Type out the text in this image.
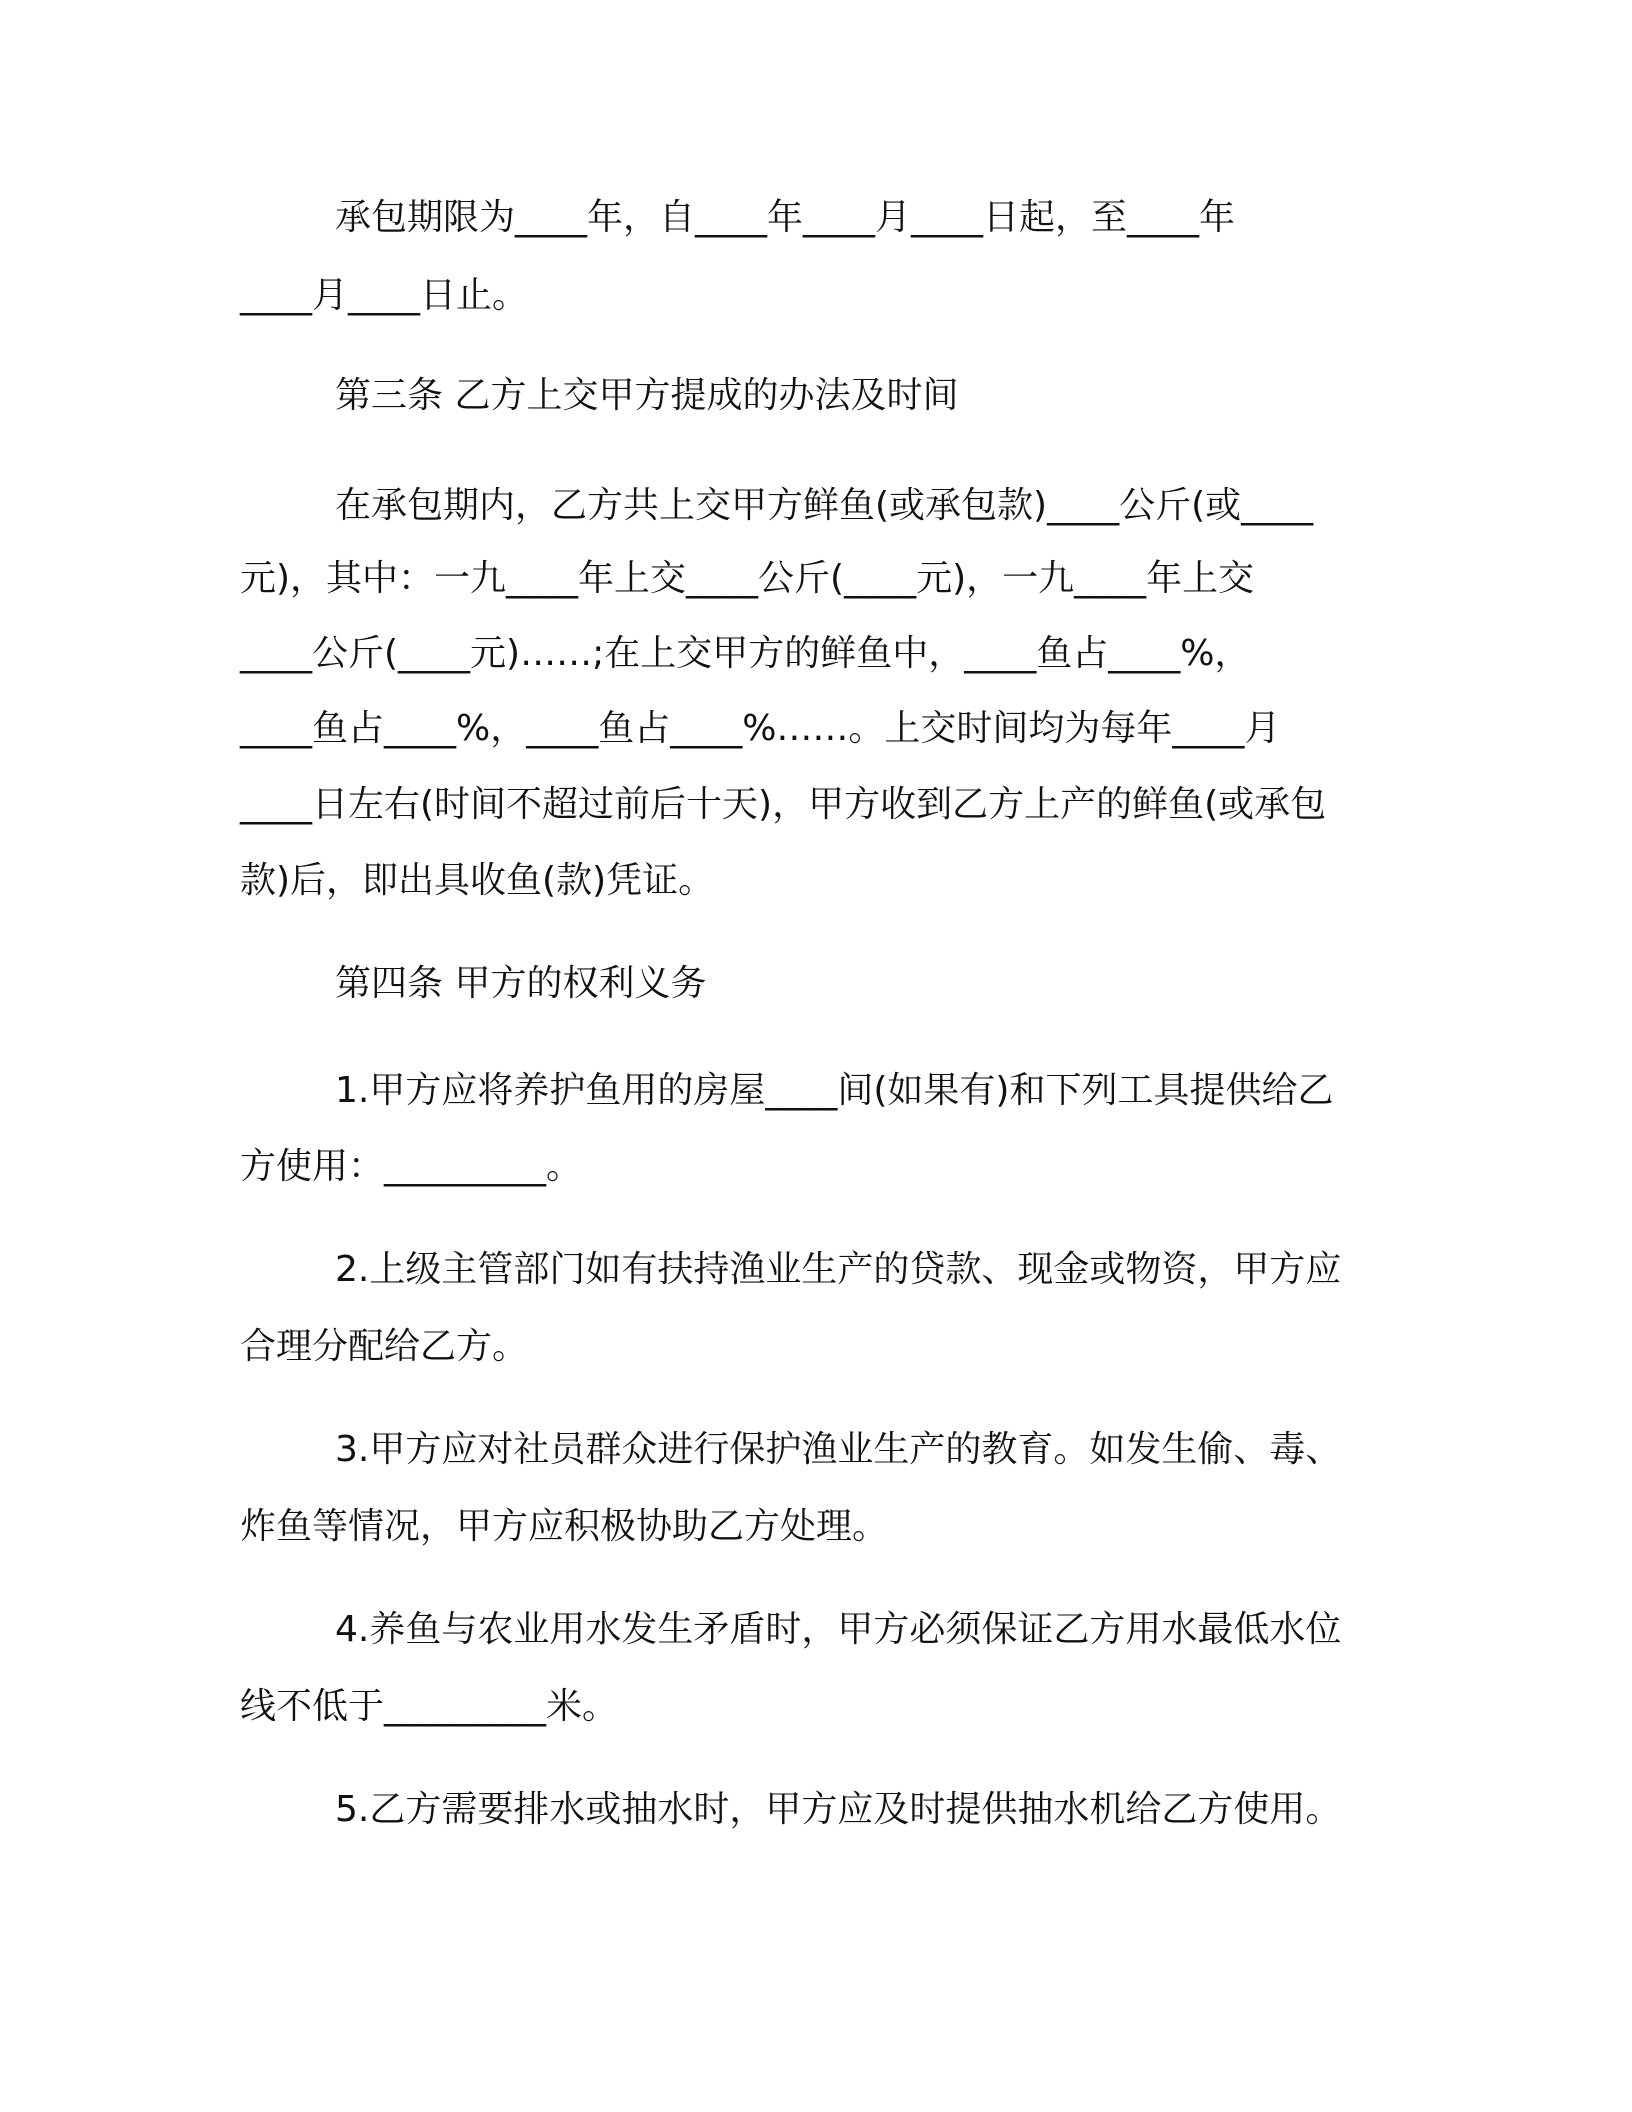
承包期限为____年，自____年____月____日起，至____年
____月____日止。
第三条 乙方上交甲方提成的办法及时间
在承包期内，乙方共上交甲方鲜鱼(或承包款)____公斤(或____
元)，其中：一九____年上交____公斤(____元)，一九____年上交
____公斤(____元)……;在上交甲方的鲜鱼中，____鱼占____%，
____鱼占____%，____鱼占____%……。上交时间均为每年____月
____日左右(时间不超过前后十天)，甲方收到乙方上产的鲜鱼(或承包
款)后，即出具收鱼(款)凭证。
第四条 甲方的权利义务
1.甲方应将养护鱼用的房屋____间(如果有)和下列工具提供给乙
方使用：_________。
2.上级主管部门如有扶持渔业生产的贷款、现金或物资，甲方应
合理分配给乙方。
3.甲方应对社员群众进行保护渔业生产的教育。如发生偷、毒、
炸鱼等情况，甲方应积极协助乙方处理。
4.养鱼与农业用水发生矛盾时，甲方必须保证乙方用水最低水位
线不低于_________米。
5.乙方需要排水或抽水时，甲方应及时提供抽水机给乙方使用。
